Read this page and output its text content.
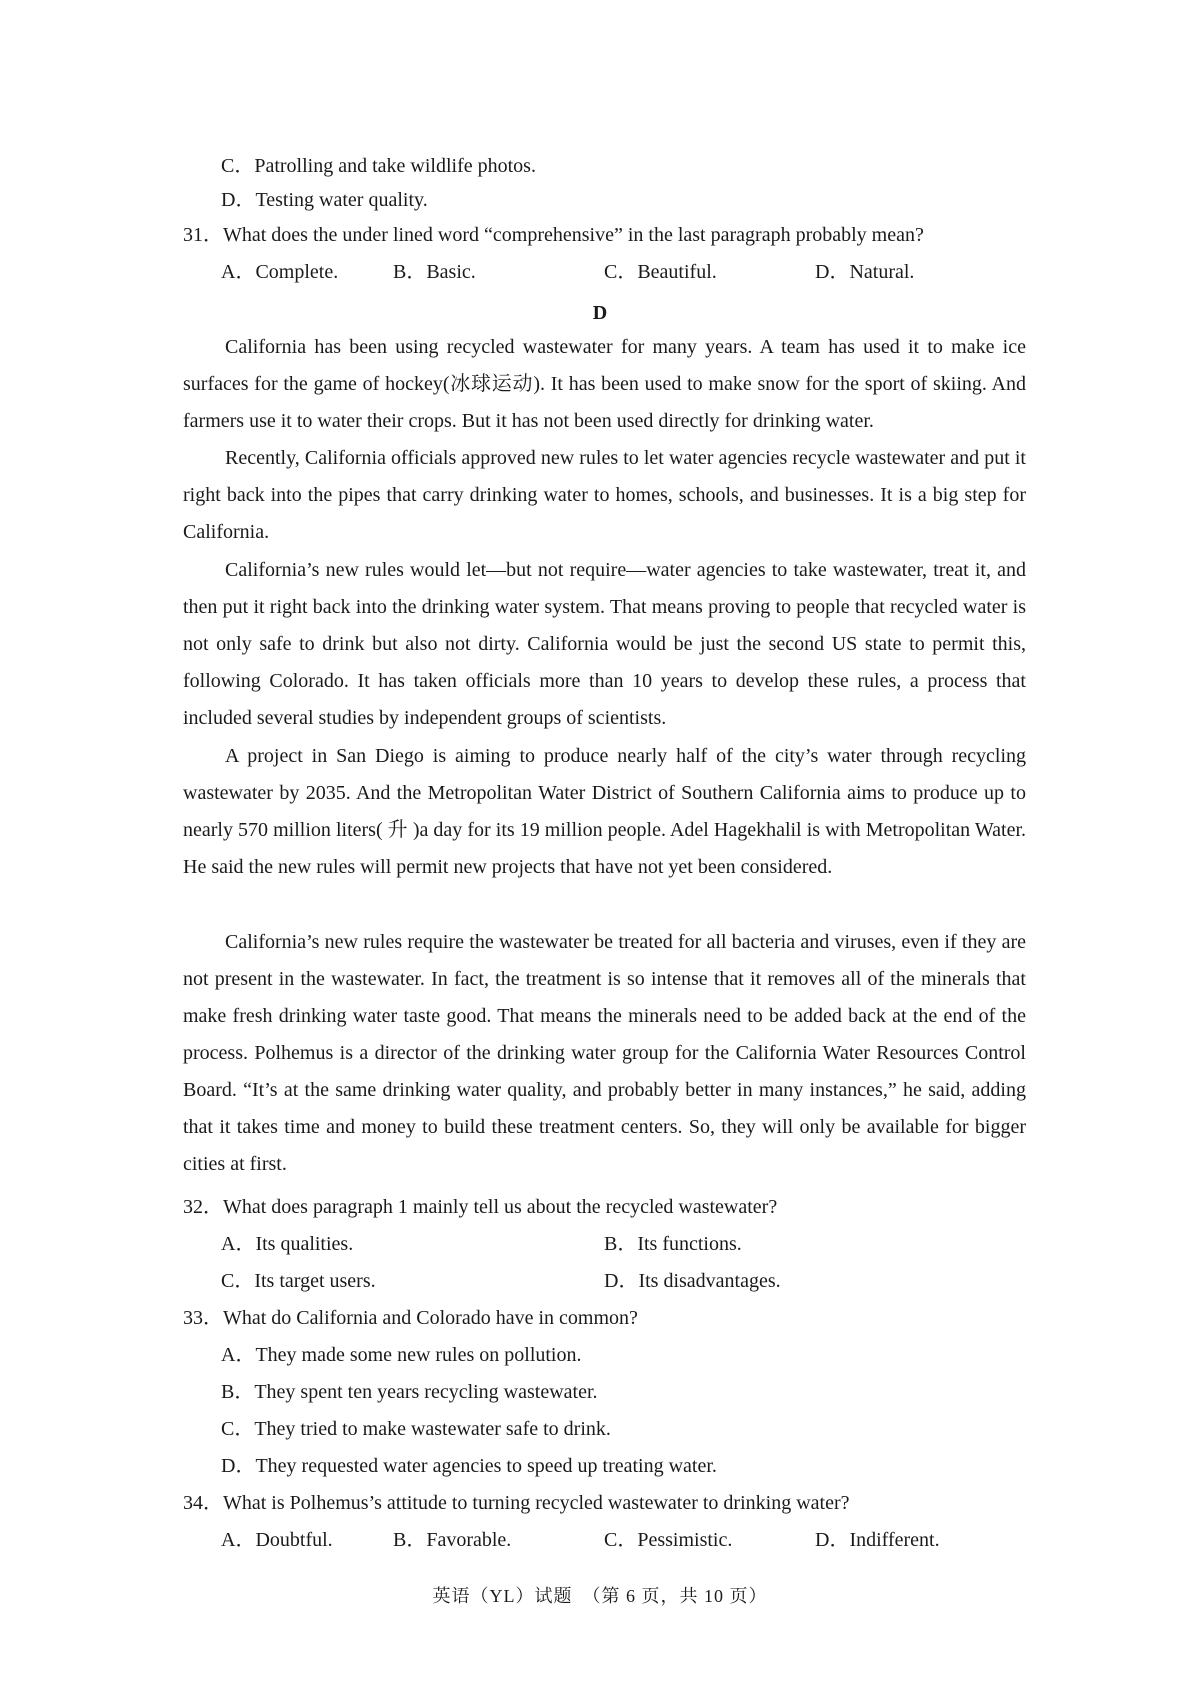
C．Patrolling and take wildlife photos.
D．Testing water quality.
31．What does the under lined word “comprehensive” in the last paragraph probably mean?
A．Complete.	B．Basic.	C．Beautiful.	D．Natural.
D
California has been using recycled wastewater for many years. A team has used it to make ice surfaces for the game of hockey(冰球运动). It has been used to make snow for the sport of skiing. And farmers use it to water their crops. But it has not been used directly for drinking water.
Recently, California officials approved new rules to let water agencies recycle wastewater and put it right back into the pipes that carry drinking water to homes, schools, and businesses. It is a big step for California.
California’s new rules would let—but not require—water agencies to take wastewater, treat it, and then put it right back into the drinking water system. That means proving to people that recycled water is not only safe to drink but also not dirty. California would be just the second US state to permit this, following Colorado. It has taken officials more than 10 years to develop these rules, a process that included several studies by independent groups of scientists.
A project in San Diego is aiming to produce nearly half of the city’s water through recycling wastewater by 2035. And the Metropolitan Water District of Southern California aims to produce up to nearly 570 million liters( 升 )a day for its 19 million people. Adel Hagekhalil is with Metropolitan Water. He said the new rules will permit new projects that have not yet been considered.
California’s new rules require the wastewater be treated for all bacteria and viruses, even if they are not present in the wastewater. In fact, the treatment is so intense that it removes all of the minerals that make fresh drinking water taste good. That means the minerals need to be added back at the end of the process. Polhemus is a director of the drinking water group for the California Water Resources Control Board. “It’s at the same drinking water quality, and probably better in many instances,” he said, adding that it takes time and money to build these treatment centers. So, they will only be available for bigger cities at first.
32．What does paragraph 1 mainly tell us about the recycled wastewater?
A．Its qualities.	B．Its functions.
C．Its target users.	D．Its disadvantages.
33．What do California and Colorado have in common?
A．They made some new rules on pollution.
B．They spent ten years recycling wastewater.
C．They tried to make wastewater safe to drink.
D．They requested water agencies to speed up treating water.
34．What is Polhemus’s attitude to turning recycled wastewater to drinking water?
A．Doubtful.	B．Favorable.	C．Pessimistic.	D．Indifferent.
英语（YL）试题　（第 6 页，共 10 页）
